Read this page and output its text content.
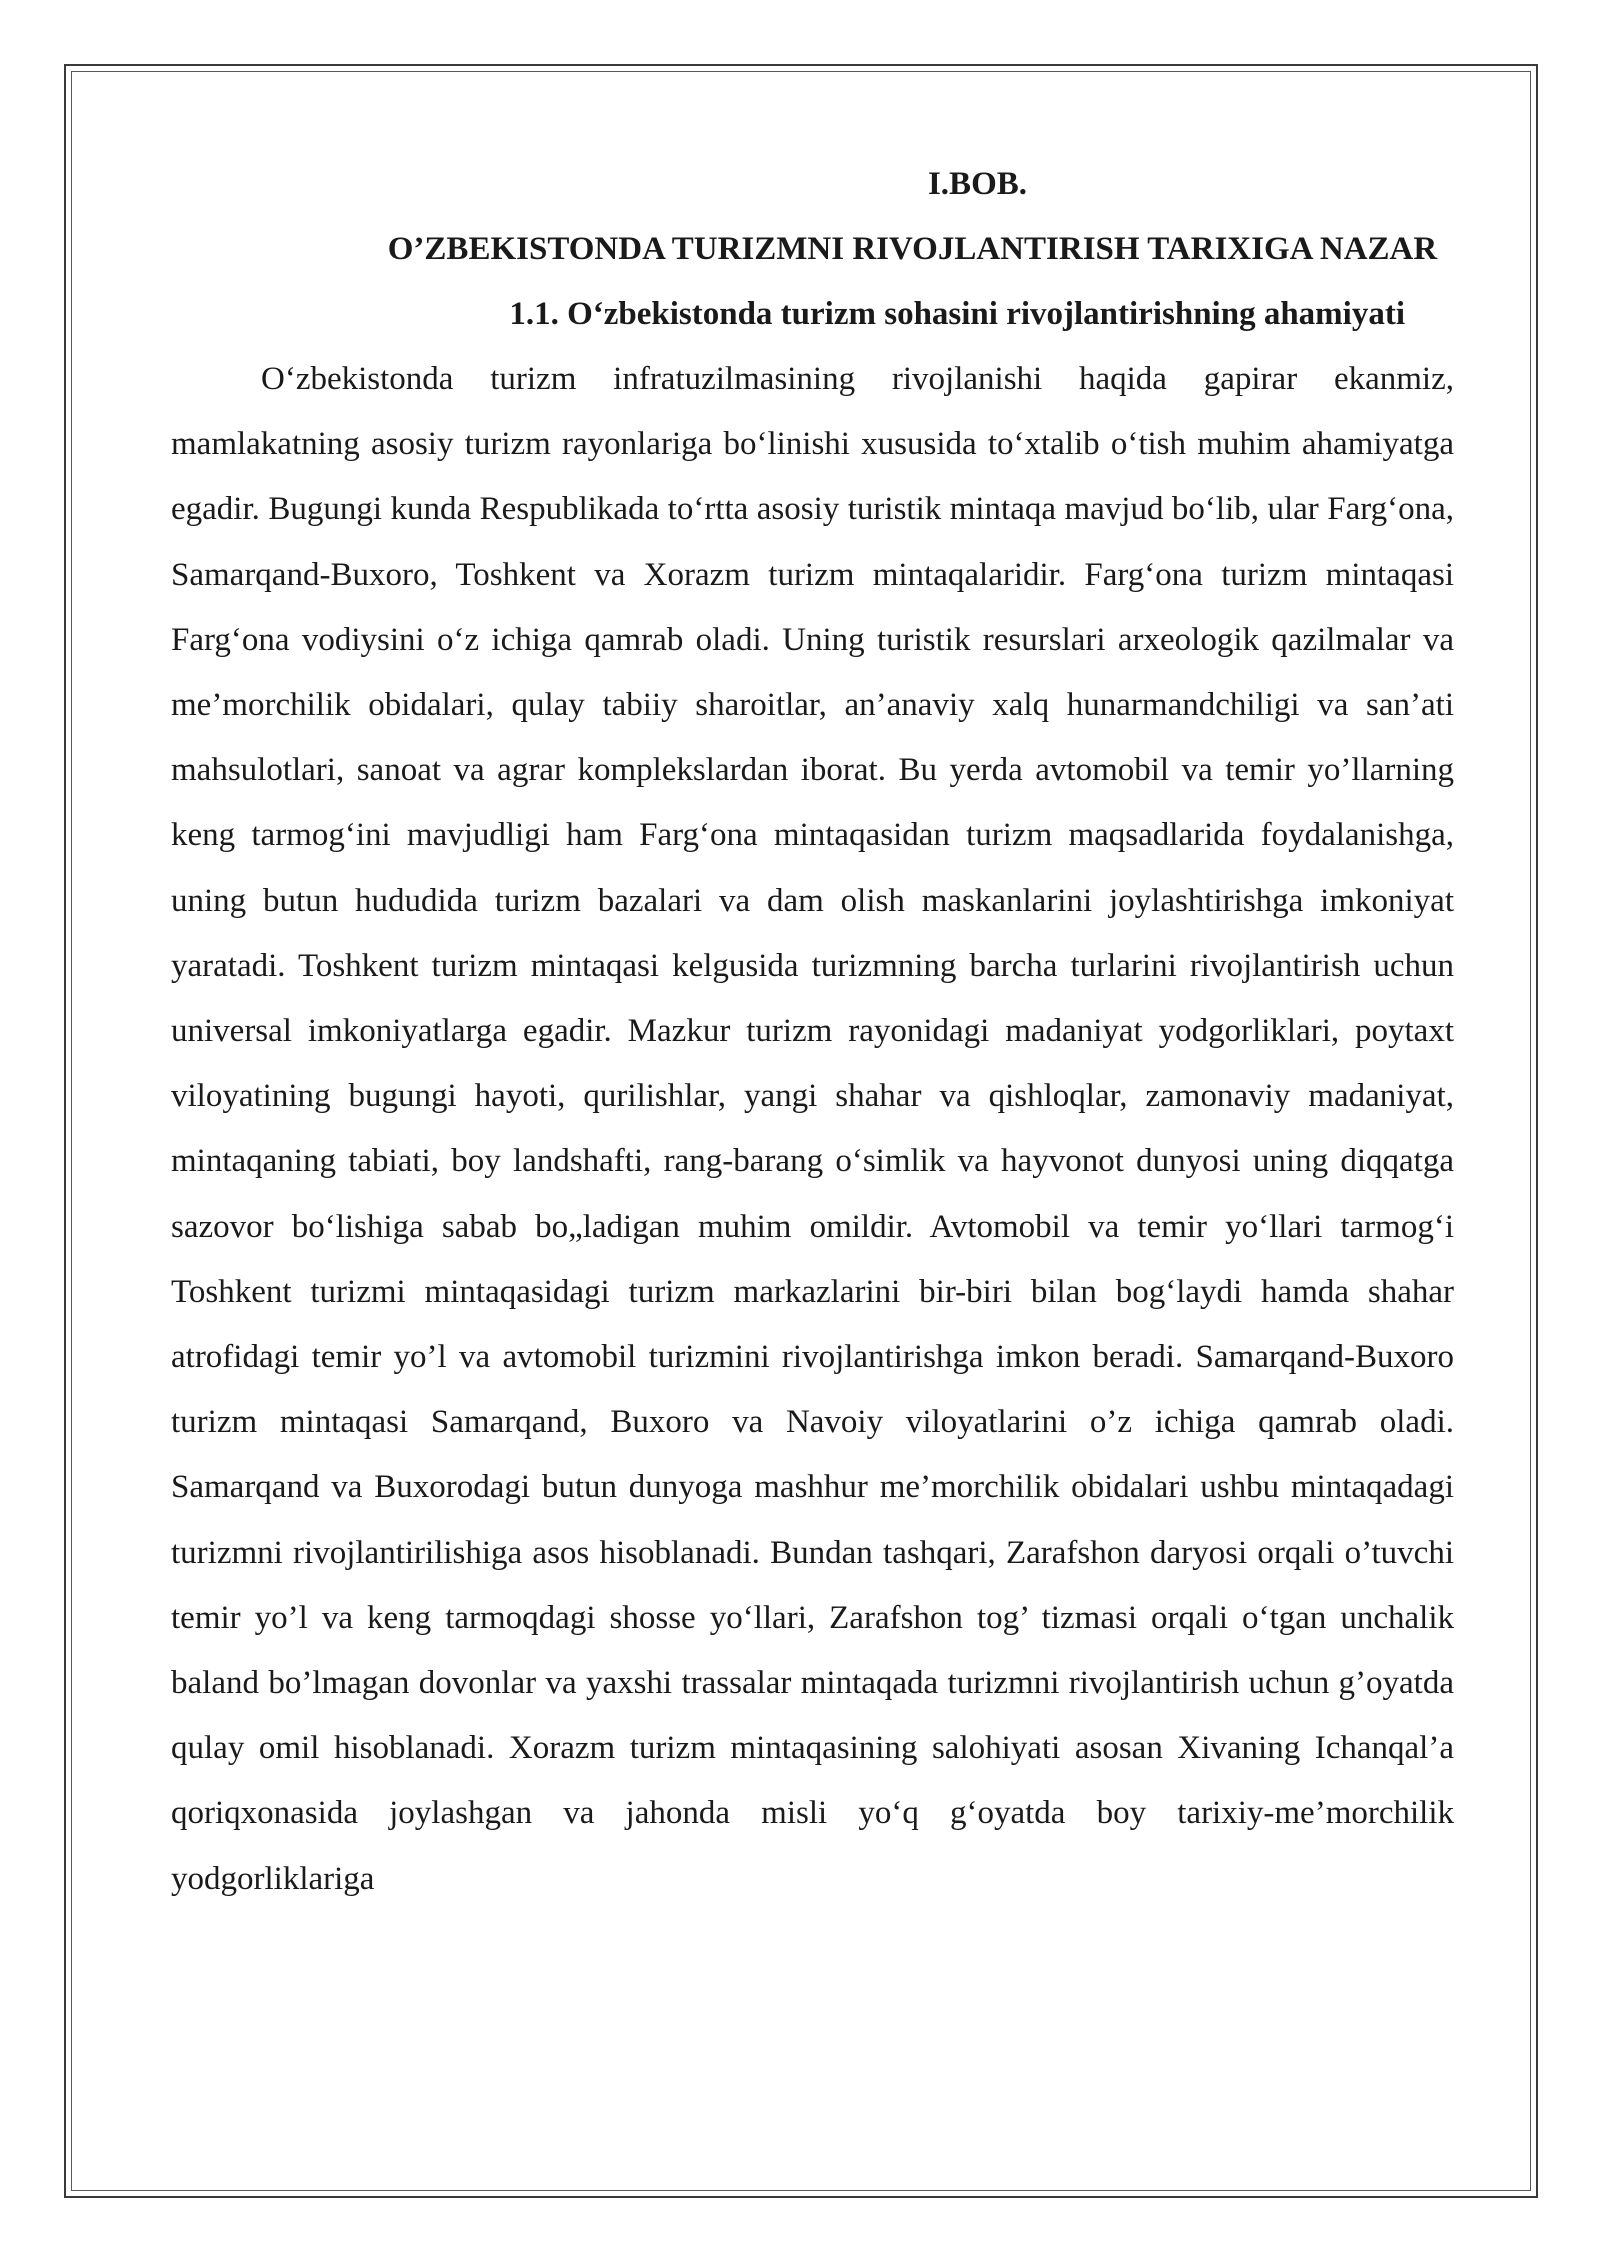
I.BOB.

O’ZBEKISTONDA TURIZMNI RIVOJLANTIRISH TARIXIGA NAZAR

1.1. O‘zbekistonda turizm sohasini rivojlantirishning ahamiyati

O‘zbekistonda turizm infratuzilmasining rivojlanishi haqida gapirar ekanmiz, mamlakatning asosiy turizm rayonlariga bo‘linishi xususida to‘xtalib o‘tish muhim ahamiyatga egadir. Bugungi kunda Respublikada to‘rtta asosiy turistik mintaqa mavjud bo‘lib, ular Farg‘ona, Samarqand-Buxoro, Toshkent va Xorazm turizm mintaqalaridir. Farg‘ona turizm mintaqasi Farg‘ona vodiysini o‘z ichiga qamrab oladi. Uning turistik resurslari arxeologik qazilmalar va me’morchilik obidalari, qulay tabiiy sharoitlar, an’anaviy xalq hunarmandchiligi va san’ati mahsulotlari, sanoat va agrar komplekslardan iborat. Bu yerda avtomobil va temir yo’llarning keng tarmog‘ini mavjudligi ham Farg‘ona mintaqasidan turizm maqsadlarida foydalanishga, uning butun hududida turizm bazalari va dam olish maskanlarini joylashtirishga imkoniyat yaratadi. Toshkent turizm mintaqasi kelgusida turizmning barcha turlarini rivojlantirish uchun universal imkoniyatlarga egadir. Mazkur turizm rayonidagi madaniyat yodgorliklari, poytaxt viloyatining bugungi hayoti, qurilishlar, yangi shahar va qishloqlar, zamonaviy madaniyat, mintaqaning tabiati, boy landshafti, rang-barang o‘simlik va hayvonot dunyosi uning diqqatga sazovor bo‘lishiga sabab bo„ladigan muhim omildir. Avtomobil va temir yo‘llari tarmog‘i Toshkent turizmi mintaqasidagi turizm markazlarini bir-biri bilan bog‘laydi hamda shahar atrofidagi temir yo’l va avtomobil turizmini rivojlantirishga imkon beradi. Samarqand-Buxoro turizm mintaqasi Samarqand, Buxoro va Navoiy viloyatlarini o’z ichiga qamrab oladi. Samarqand va Buxorodagi butun dunyoga mashhur me’morchilik obidalari ushbu mintaqadagi turizmni rivojlantirilishiga asos hisoblanadi. Bundan tashqari, Zarafshon daryosi orqali o’tuvchi temir yo’l va keng tarmoqdagi shosse yo‘llari, Zarafshon tog’ tizmasi orqali o‘tgan unchalik baland bo’lmagan dovonlar va yaxshi trassalar mintaqada turizmni rivojlantirish uchun g’oyatda qulay omil hisoblanadi. Xorazm turizm mintaqasining salohiyati asosan Xivaning Ichanqal’a qoriqxonasida joylashgan va jahonda misli yo‘q g‘oyatda boy tarixiy-me’morchilik yodgorliklariga
